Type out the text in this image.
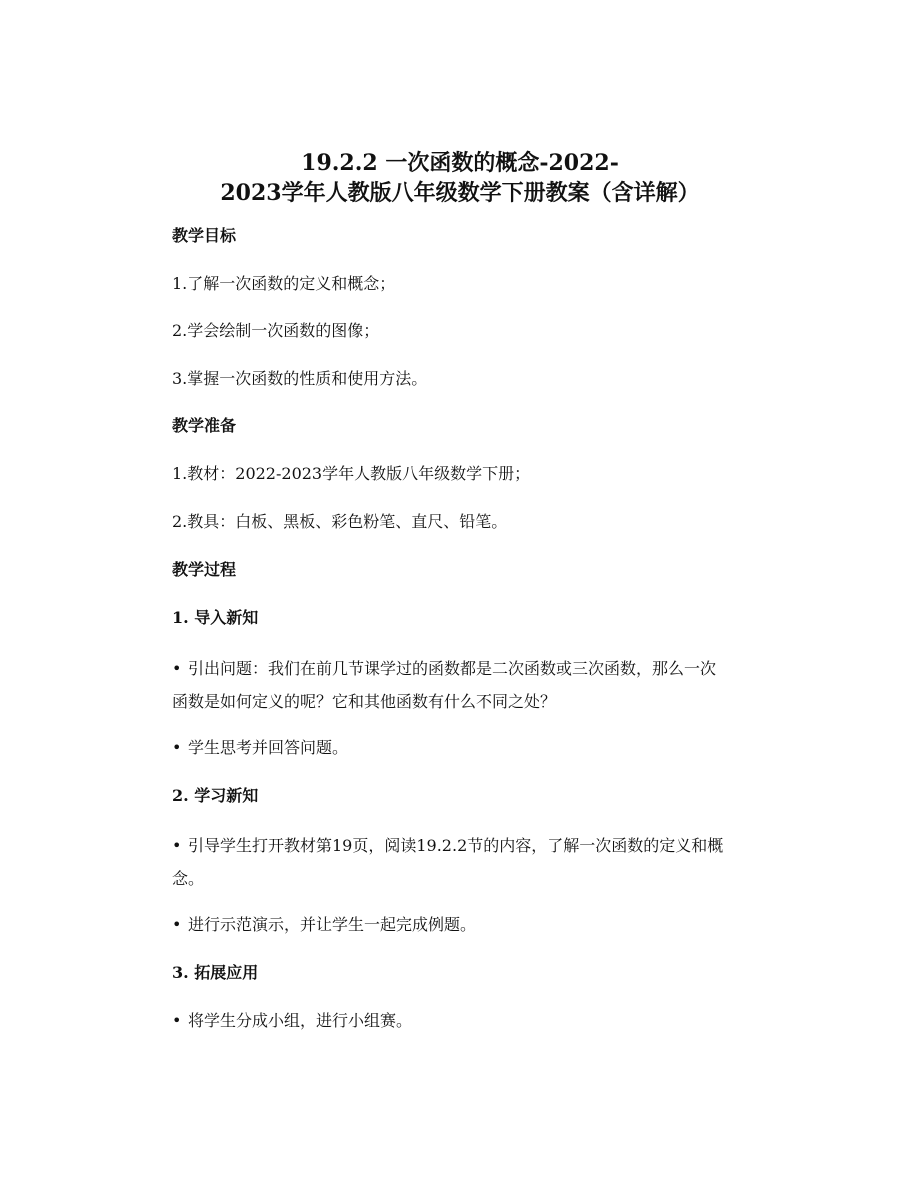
19.2.2 一次函数的概念-2022-
2023学年人教版八年级数学下册教案（含详解）
教学目标

1.了解一次函数的定义和概念；

2.学会绘制一次函数的图像；

3.掌握一次函数的性质和使用方法。

教学准备

1.教材：2022-2023学年人教版八年级数学下册；

2.教具：白板、黑板、彩色粉笔、直尺、铅笔。

教学过程
1. 导入新知
• 引出问题：我们在前几节课学过的函数都是二次函数或三次函数，那么一次
函数是如何定义的呢？它和其他函数有什么不同之处？

• 学生思考并回答问题。

2. 学习新知
• 引导学生打开教材第19页，阅读19.2.2节的内容，了解一次函数的定义和概
念。

• 进行示范演示，并让学生一起完成例题。

3. 拓展应用

• 将学生分成小组，进行小组赛。
